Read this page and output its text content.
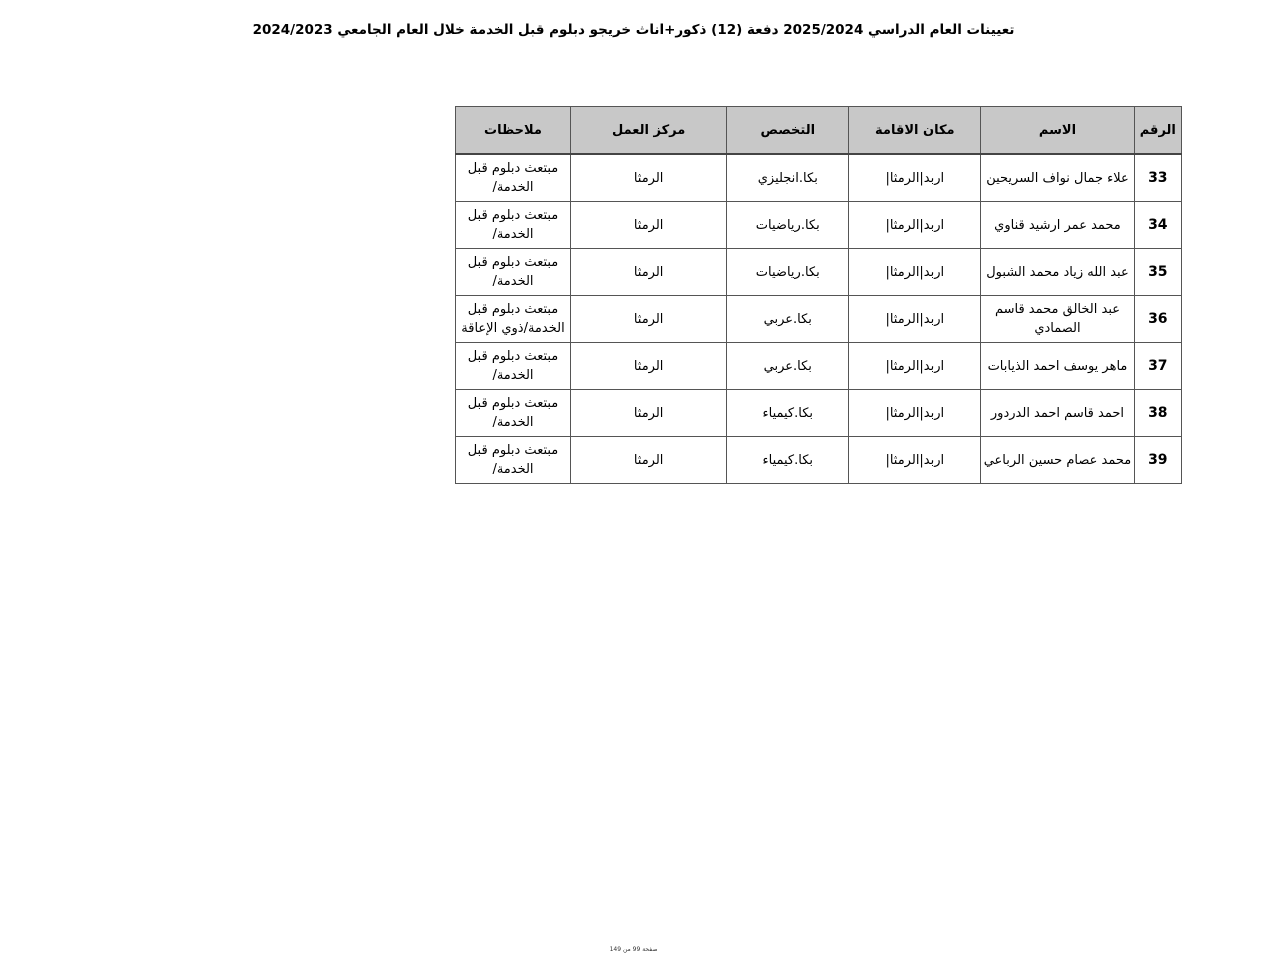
تعيينات العام الدراسي 2025/2024 دفعة (12) ذكور+اناث خريجو دبلوم قبل الخدمة خلال العام الجامعي 2024/2023
الرقم	الاسم	مكان الاقامة	التخصص	مركز العمل	ملاحظات
33	علاء جمال نواف السريحين	اربد|الرمثا|	بكا.انجليزي	الرمثا	مبتعث دبلوم قبل الخدمة/
34	محمد عمر ارشيد قناوي	اربد|الرمثا|	بكا.رياضيات	الرمثا	مبتعث دبلوم قبل الخدمة/
35	عبد الله زياد محمد الشبول	اربد|الرمثا|	بكا.رياضيات	الرمثا	مبتعث دبلوم قبل الخدمة/
36	عبد الخالق محمد قاسم الصمادي	اربد|الرمثا|	بكا.عربي	الرمثا	مبتعث دبلوم قبل الخدمة/ذوي الإعاقة
37	ماهر يوسف احمد الذيابات	اربد|الرمثا|	بكا.عربي	الرمثا	مبتعث دبلوم قبل الخدمة/
38	احمد قاسم احمد الدردور	اربد|الرمثا|	بكا.كيمياء	الرمثا	مبتعث دبلوم قبل الخدمة/
39	محمد عصام حسين الرباعي	اربد|الرمثا|	بكا.كيمياء	الرمثا	مبتعث دبلوم قبل الخدمة/
صفحة 99 من 149
